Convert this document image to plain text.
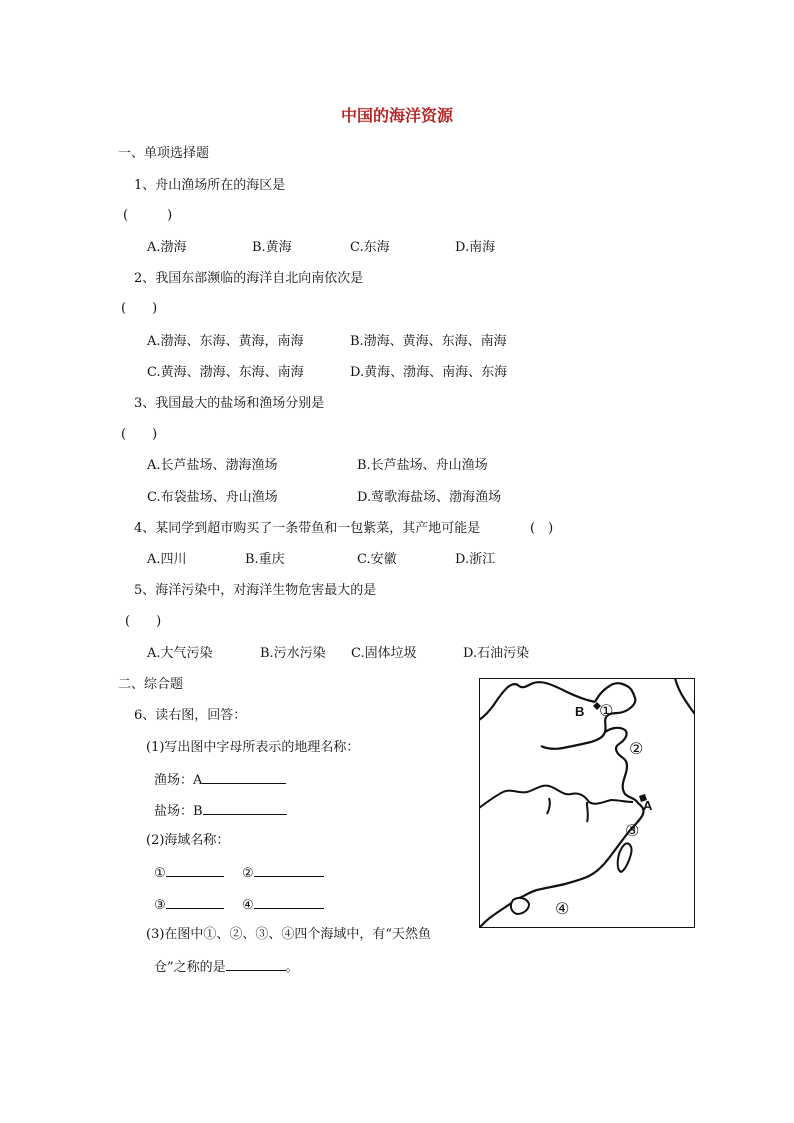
中国的海洋资源
一、单项选择题
1、舟山渔场所在的海区是
(　　　)
A.渤海	B.黄海	C.东海	D.南海
2、我国东部濒临的海洋自北向南依次是
(　　)
A.渤海、东海、黄海，南海	B.渤海、黄海、东海、南海
C.黄海、渤海、东海、南海	D.黄海、渤海、南海、东海
3、我国最大的盐场和渔场分别是
(　　)
A.长芦盐场、渤海渔场	B.长芦盐场、舟山渔场
C.布袋盐场、舟山渔场	D.莺歌海盐场、渤海渔场
4、某同学到超市购买了一条带鱼和一包紫菜，其产地可能是	(　)
A.四川	B.重庆	C.安徽	D.浙江
5、海洋污染中，对海洋生物危害最大的是
(　　)
A.大气污染	B.污水污染 C.固体垃圾	D.石油污染
二、综合题
6、读右图，回答：
(1)写出图中字母所表示的地理名称：
渔场：A
盐场：B
(2)海域名称：
①	②
③	④
(3)在图中①、②、③、④四个海域中，有“天然鱼
仓”之称的是	。
B
A
①
②
③
④
